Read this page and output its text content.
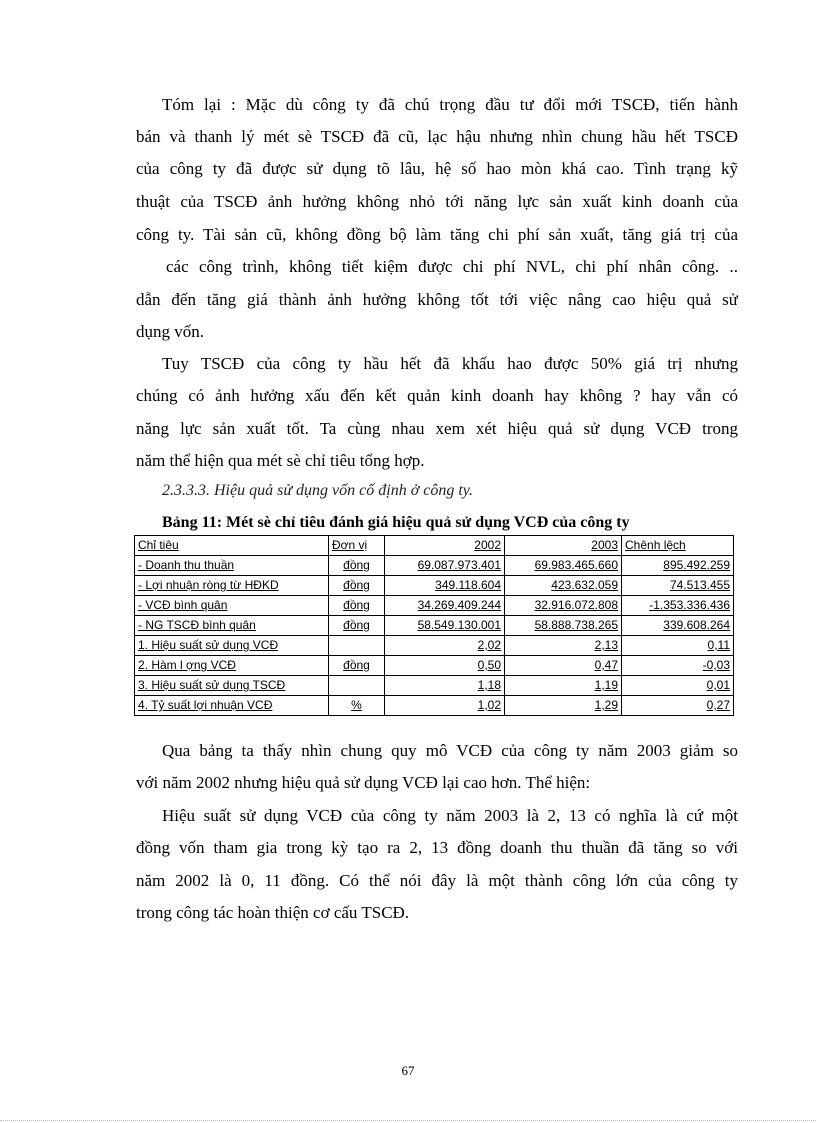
Tóm lại : Mặc dù công ty đã chú trọng đầu tư đổi mới TSCĐ, tiến hành
bán và thanh lý mét sè TSCĐ đã cũ, lạc hậu nhưng nhìn chung hầu hết TSCĐ
của công ty đã được sử dụng tõ lâu, hệ số hao mòn khá cao. Tình trạng kỹ
thuật của TSCĐ ảnh hưởng không nhỏ tới năng lực sản xuất kinh doanh của
công ty. Tài sản cũ, không đồng bộ làm tăng chi phí sản xuất, tăng giá trị của
các công trình, không tiết kiệm được chi phí NVL, chi phí nhân công. ..
dẫn đến tăng giá thành ảnh hưởng không tốt tới việc nâng cao hiệu quả sử
dụng vốn.
Tuy TSCĐ của công ty hầu hết đã khấu hao được 50% giá trị nhưng
chúng có ảnh hưởng xấu đến kết quản kinh doanh hay không ? hay vẫn có
năng lực sản xuất tốt. Ta cùng nhau xem xét hiệu quả sử dụng VCĐ trong
năm thể hiện qua mét sè chỉ tiêu tổng hợp.
2.3.3.3. Hiệu quả sử dụng vốn cố định ở công ty.
Bảng 11: Mét sè chỉ tiêu đánh giá hiệu quả sử dụng VCĐ của công ty
Chỉ tiêu	Đơn vị	2002	2003	Chênh lệch
- Doanh thu thuần	đồng	69.087.973.401	69.983.465.660	895.492.259
- Lợi nhuận ròng từ HĐKD	đồng	349.118.604	423.632.059	74.513.455
- VCĐ bình quân	đồng	34.269.409.244	32.916.072.808	-1.353.336.436
- NG TSCĐ bình quân	đồng	58.549.130.001	58.888.738.265	339.608.264
1. Hiệu suất sử dụng VCĐ		2,02	2,13	0,11
2. Hàm l ợng VCĐ	đồng	0,50	0,47	-0,03
3. Hiệu suất sử dụng TSCĐ		1,18	1,19	0,01
4. Tỷ suất lợi nhuận VCĐ	%	1,02	1,29	0,27
Qua bảng ta thấy nhìn chung quy mô VCĐ của công ty năm 2003 giảm so
với năm 2002 nhưng hiệu quả sử dụng VCĐ lại cao hơn. Thể hiện:
Hiệu suất sử dụng VCĐ của công ty năm 2003 là 2, 13 có nghĩa là cứ một
đồng vốn tham gia trong kỳ tạo ra 2, 13 đồng doanh thu thuần đã tăng so với
năm 2002 là 0, 11 đồng. Có thể nói đây là một thành công lớn của công ty
trong công tác hoàn thiện cơ cấu TSCĐ.
67
